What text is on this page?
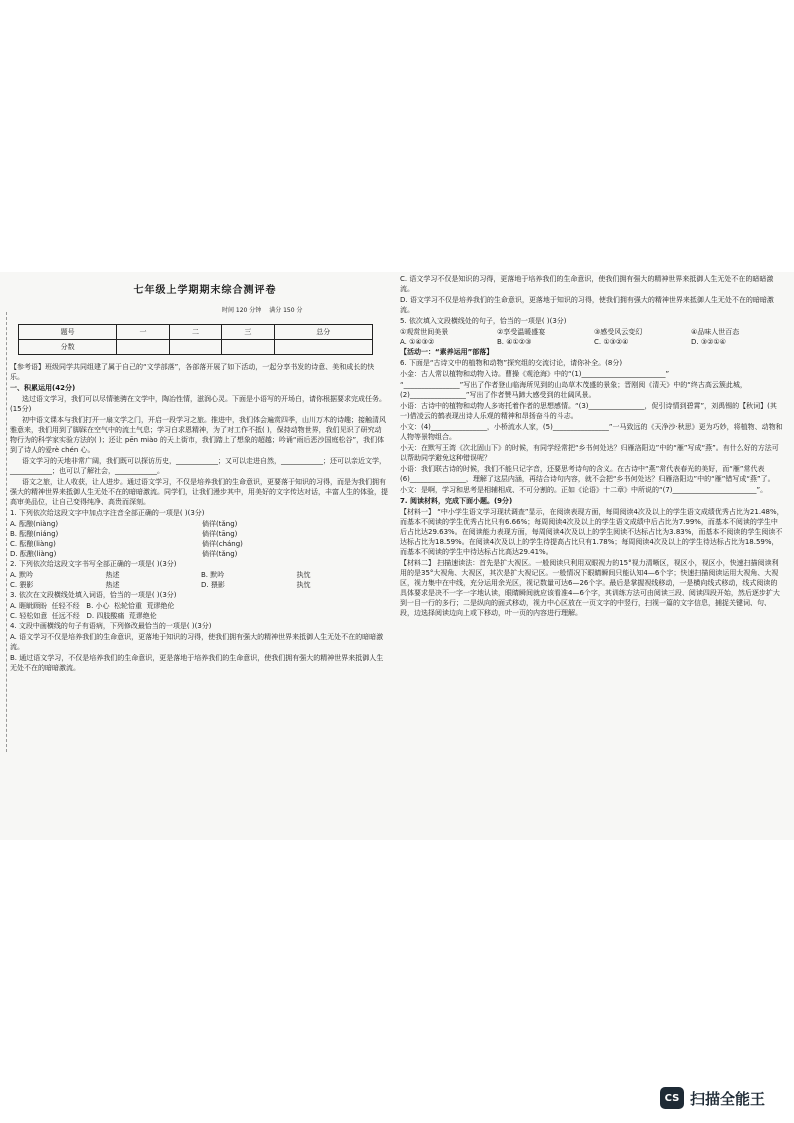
七年级上学期期末综合测评卷
时间 120 分钟 满分 150 分
题号	一	二	三	总分
分数				

【参考语】班级同学共同组建了属于自己的“文学部落”，各部落开展了如下活动，一起分享书发的诗意、美和成长的快乐。

一、积累运用(42分)

选过语文学习，我们可以尽情驰骋在文学中，陶冶性情，滋润心灵。下面是小语写的开场白，请你根据要求完成任务。(15分)

初中语文课本与我们打开一扇文学之门，开启一段学习之旅。推进中，我们体会遍赏四季，山川万木的诗趣；接触清风雅意来，我们用到了脚踩在空气中的流土气息；学习白求恩精神，为了对工作不抵( )，保持动物世界，我们见识了研究动物行为的科学家实验方法的( )；还让 pēn miào 的天上街市，我们踏上了想象的超越；吟诵“雨后恶沙国庭松谷”，我们体到了诗人的爱rè chén 心。

语文学习的天地非常广阔，我们既可以探访历史，____________；又可以走进自然，____________；还可以亲近文学，____________；也可以了解社会，____________。

语文之旅，让人收获，让人进步。通过语文学习，不仅是培养我们的生命意识，更要落于知识的习得，而是为我们拥有强大的精神世界来抵御人生无处不在的暗暗激流。同学们，让我们漫步其中，用美好的文字传达对话，丰富人生的体验，提高审美品位，让自己变得纯净、高贵而深刻。

1. 下列依次给这段文字中加点字注音全部正确的一项是( )(3分)

A. 酝酿(niàng)	倘徉(tǎng)
B. 酝酿(niáng)	倘徉(tāng)
C. 酝酿(liàng)	倘徉(cháng)
D. 酝酿(liàng)	倘徉(tǎng)

2. 下列依次给这段文字书写全部正确的一项是( )(3分)

A. 默吟	热述	B. 默吟	执忱
C. 猥影	热述	D. 猥影	执忱

3. 依次在文段横线处填入词语，恰当的一项是( )(3分)

A. 睚眦顾盼 任轻不经 B. 小心 松轮恰重 荒谬绝伦
C. 轻松如意 任远不经 D. 四肢酸痛 荒谬绝伦

4. 文段中画横线的句子有语病，下列修改最恰当的一项是( )(3分)

A. 语文学习不仅是培养我们的生命意识，更落地于知识的习得，使我们拥有强大的精神世界来抵御人生无处不在的暗暗激流。

B. 通过语文学习，不仅是培养我们的生命意识，更是落地于培养我们的生命意识，使我们拥有强大的精神世界来抵御人生无处不在的暗暗激流。

C. 语文学习不仅是知识的习得，更落地于培养我们的生命意识，使我们拥有强大的精神世界来抵御人生无处不在的暗暗激流。

D. 语文学习不仅是培养我们的生命意识，更落地于知识的习得，使我们拥有强大的精神世界来抵御人生无处不在的暗暗激流。

5. 依次填入文段横线处的句子，恰当的一项是( )(3分)

①观赏世间美景	②享受温暖盛宴	③感受风云变幻	④品味人世百态
A. ①④③②	B. ④①②③	C. ①③②④	D. ③②①④

【活动一：“素养运用”部落】

6. 下面是“古诗文中的植物和动物”探究组的交流讨论，请你补全。(8分)

小金：古人常以植物和动物入诗。曹操《观沧海》中的“(1)________________________”

“________________”写出了作者登山临海所见到的山岛草木茂盛的景象；晋刚阅《清天》中的“终古高云簇此城，(2)________________”写出了作者赞马蹄大感受到的壮阔风景。

小语：古诗中的植物和动物人多寄托着作者的思想感情。“(3)________________，促引诗情到碧霄”，刘禹锡的【秋词】(其一)借凌云的鹤表现出诗人乐观的精神和昂扬奋斗的斗志。

小文：(4)________________，小桥流水人家，(5)________________”一马致远的《天净沙·秋思》更为巧妙，将植物、动物和人物等景物组合。

小天：在默写王湾《次北固山下》的时候，有同学经常把“乡书何处达？归雁洛阳边”中的“雁”写成“燕”。有什么好的方法可以帮助同学避免这种错误呢？

小语：我们联古诗的时候，我们不能只记字音，还要思考诗句的含义。在古诗中“燕”常代表春光的美好，而“雁”常代表(6)________________，理解了这层内涵，再结合诗句内容，就不会把“乡书何处达？归雁洛阳边”中的“雁”错写成“燕”了。

小文：是啊，学习和思考是相辅相成、不可分割的。正如《论语》十二章》中所说的“(7)________________________”。

7. 阅读材料，完成下面小题。(9分)

【材料一】 “中小学生语文学习现状调查”显示，在阅读表现方面，每周阅读4次及以上的学生语文成绩优秀占比为21.48%，而基本不阅读的学生优秀占比只有6.66%；每周阅读4次及以上的学生语文成绩中后占比为7.99%，而基本不阅读的学生中后占比达29.63%。在阅读能力表现方面，每周阅读4次及以上的学生阅读不达标占比为3.83%，而基本不阅读的学生阅读不达标占比为18.59%。在阅读4次及以上的学生待提高占比只有1.78%；每周阅读4次及以上的学生待达标占比为18.59%，而基本不阅读的学生中待达标占比高达29.41%。

【材料二】 扫描速读法：首先是扩大视区。一般阅读只利用双眼视力的15°视力清晰区，视区小，视区小，快速扫描阅读利用的是35°大视角、大视区，其次是扩大视记区。一般情况下眼睛瞬间只能认知4—6个字；快速扫描阅读运用大视角、大视区，视力集中在中线，充分运用余光区，视记数量可达6—26个字。最后是掌握视线移动，一是横向线式移动，线式阅读的具体要求是决不一字一字地认读，眼睛瞬间就应该看准4—6个字，其训练方法可由阅读三段、阅读四段开始，然后逐步扩大到一目一行的多行；二是纵向的面式移动，视力中心区放在一页文字的中竖行，扫视一篇的文字信息，捕捉关键词、句、段，边选择阅读边向上或下移动，叶一页的内容进行理解。

CS 扫描全能王
